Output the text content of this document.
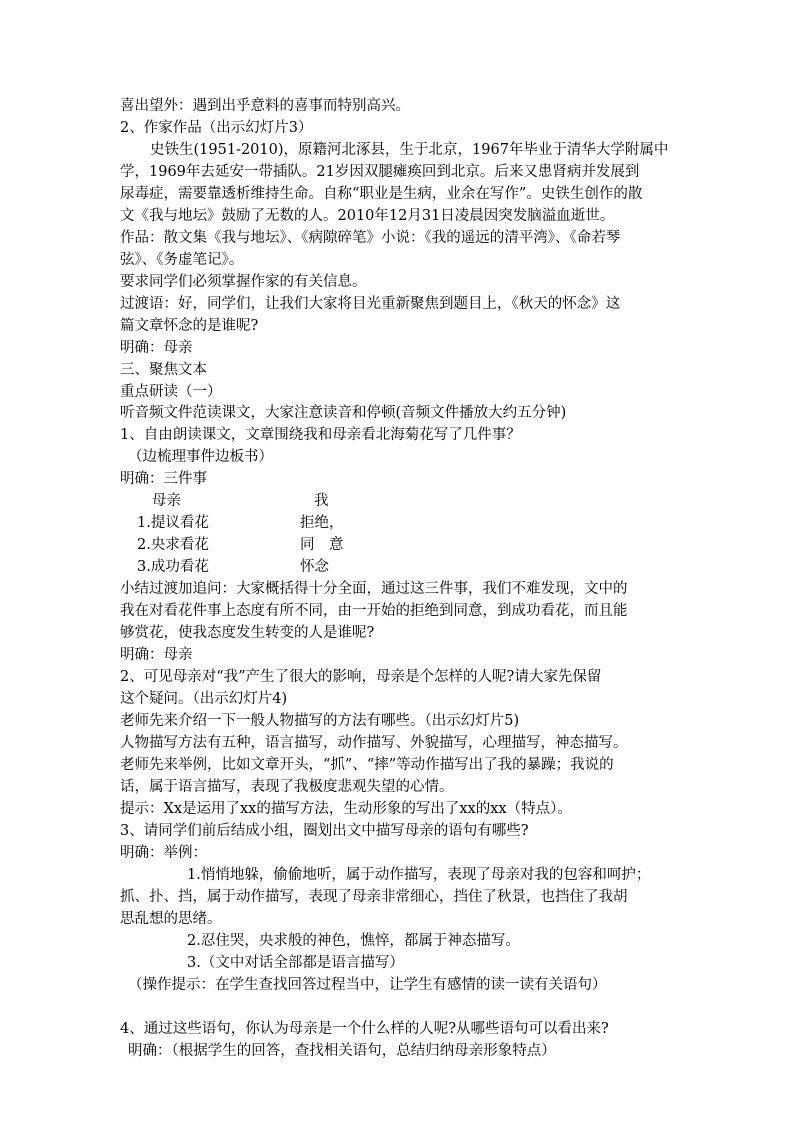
喜出望外：遇到出乎意料的喜事而特别高兴。
2、作家作品（出示幻灯片3）
史铁生(1951-2010)，原籍河北涿县，生于北京，1967年毕业于清华大学附属中
学，1969年去延安一带插队。21岁因双腿瘫痪回到北京。后来又患肾病并发展到
尿毒症，需要靠透析维持生命。自称“职业是生病，业余在写作”。史铁生创作的散
文《我与地坛》鼓励了无数的人。2010年12月31日凌晨因突发脑溢血逝世。
作品：散文集《我与地坛》、《病隙碎笔》小说：《我的遥远的清平湾》、《命若琴
弦》、《务虚笔记》。
要求同学们必须掌握作家的有关信息。
过渡语：好，同学们，让我们大家将目光重新聚焦到题目上，《秋天的怀念》这
篇文章怀念的是谁呢?
明确：母亲
三、聚焦文本
重点研读（一）
听音频文件范读课文，大家注意读音和停顿(音频文件播放大约五分钟)
1、自由朗读课文，文章围绕我和母亲看北海菊花写了几件事？
（边梳理事件边板书）
明确：三件事
母亲	我
1.提议看花	拒绝，
2.央求看花	同　意
3.成功看花	怀念
小结过渡加追问：大家概括得十分全面，通过这三件事，我们不难发现，文中的
我在对看花件事上态度有所不同，由一开始的拒绝到同意，到成功看花，而且能
够赏花，使我态度发生转变的人是谁呢?
明确：母亲
2、可见母亲对“我”产生了很大的影响，母亲是个怎样的人呢?请大家先保留
这个疑问。（出示幻灯片4)
老师先来介绍一下一般人物描写的方法有哪些。（出示幻灯片5)
人物描写方法有五种，语言描写，动作描写、外貌描写，心理描写，神态描写。
老师先来举例，比如文章开头，“抓”、“摔”等动作描写出了我的暴躁；我说的
话，属于语言描写，表现了我极度悲观失望的心情。
提示：Xx是运用了xx的描写方法，生动形象的写出了xx的xx（特点）。
3、请同学们前后结成小组，圈划出文中描写母亲的语句有哪些?
明确：举例：
1.悄悄地躲，偷偷地听，属于动作描写，表现了母亲对我的包容和呵护；
抓、扑、挡，属于动作描写，表现了母亲非常细心，挡住了秋景，也挡住了我胡
思乱想的思绪。
2.忍住哭，央求般的神色，憔悴，都属于神态描写。
3.（文中对话全部都是语言描写）
（操作提示：在学生查找回答过程当中，让学生有感情的读一读有关语句）
4、通过这些语句，你认为母亲是一个什么样的人呢?从哪些语句可以看出来?
明确：（根据学生的回答，查找相关语句，总结归纳母亲形象特点）
